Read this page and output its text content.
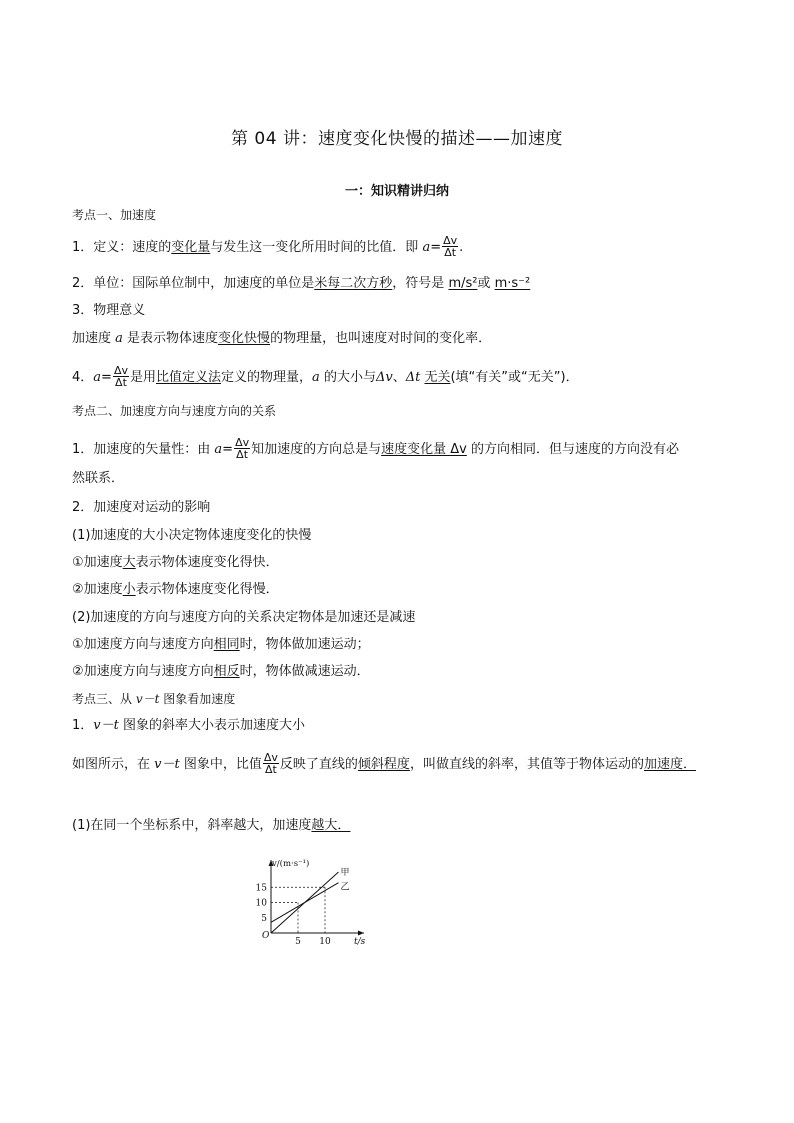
第 04 讲：速度变化快慢的描述——加速度
一：知识精讲归纳
考点一、加速度
1．定义：速度的变化量与发生这一变化所用时间的比值．即 $a= \frac{\Delta v}{\Delta t}$ .
2．单位：国际单位制中，加速度的单位是米每二次方秒，符号是 m/s²或 m·s⁻²
3．物理意义
加速度 a 是表示物体速度变化快慢的物理量，也叫速度对时间的变化率．
4．$a= \frac{\Delta v}{\Delta t}$ 是用比值定义法定义的物理量，a 的大小与Δv、Δt 无关(填“有关”或“无关”)．
考点二、加速度方向与速度方向的关系
1．加速度的矢量性：由 $a= \frac{\Delta v}{\Delta t}$ 知加速度的方向总是与速度变化量 Δv 的方向相同．但与速度的方向没有必
然联系．
2．加速度对运动的影响
(1)加速度的大小决定物体速度变化的快慢
①加速度大表示物体速度变化得快．
②加速度小表示物体速度变化得慢．
(2)加速度的方向与速度方向的关系决定物体是加速还是减速
①加速度方向与速度方向相同时，物体做加速运动；
②加速度方向与速度方向相反时，物体做减速运动．
考点三、从 v－t 图象看加速度
1．v－t 图象的斜率大小表示加速度大小
如图所示，在 v－t 图象中，比值 $\frac{\Delta v}{\Delta t}$ 反映了直线的倾斜程度，叫做直线的斜率，其值等于物体运动的加速度．
(1)在同一个坐标系中，斜率越大，加速度越大．
v/(m·s⁻¹)
t/s
O
5 10
5
10
15
甲
乙
